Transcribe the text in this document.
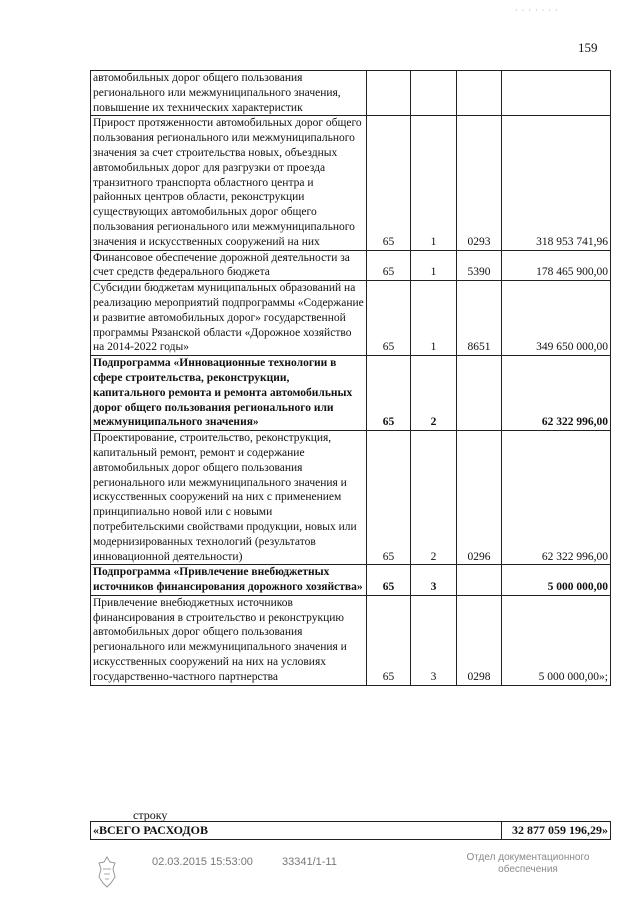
· · · · · · ·
159
автомобильных дорог общего пользования регионального или межмуниципального значения, повышение их технических характеристик				
Прирост протяженности автомобильных дорог общего пользования регионального или межмуниципального значения за счет строительства новых, объездных автомобильных дорог для разгрузки от проезда транзитного транспорта областного центра и районных центров области, реконструкции существующих автомобильных дорог общего пользования регионального или межмуниципального значения и искусственных сооружений на них	65	1	0293	318 953 741,96
Финансовое обеспечение дорожной деятельности за счет средств федерального бюджета	65	1	5390	178 465 900,00
Субсидии бюджетам муниципальных образований на реализацию мероприятий подпрограммы «Содержание и развитие автомобильных дорог» государственной программы Рязанской области «Дорожное хозяйство на 2014-2022 годы»	65	1	8651	349 650 000,00
Подпрограмма «Инновационные технологии в сфере строительства, реконструкции, капитального ремонта и ремонта автомобильных дорог общего пользования регионального или межмуниципального значения»	65	2		62 322 996,00
Проектирование, строительство, реконструкция, капитальный ремонт, ремонт и содержание автомобильных дорог общего пользования регионального или межмуниципального значения и искусственных сооружений на них с применением принципиально новой или с новыми потребительскими свойствами продукции, новых или модернизированных технологий (результатов инновационной деятельности)	65	2	0296	62 322 996,00
Подпрограмма «Привлечение внебюджетных источников финансирования дорожного хозяйства»	65	3		5 000 000,00
Привлечение внебюджетных источников финансирования в строительство и реконструкцию автомобильных дорог общего пользования регионального или межмуниципального значения и искусственных сооружений на них на условиях государственно-частного партнерства	65	3	0298	5 000 000,00»;
строку
«ВСЕГО РАСХОДОВ	32 877 059 196,29»
02.03.2015 15:53:00	33341/1-11	Отдел документационного
обеспечения
